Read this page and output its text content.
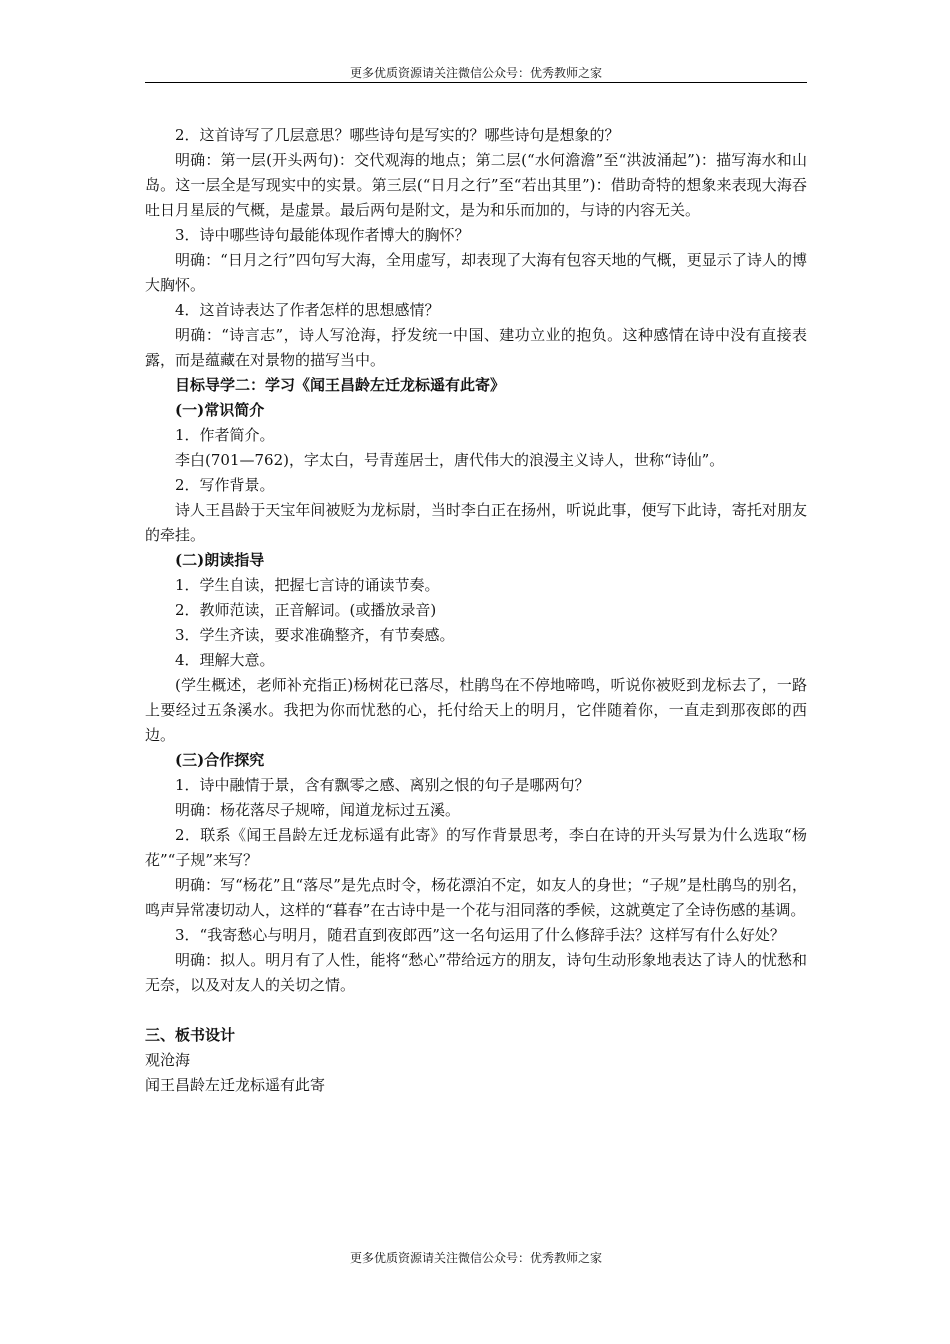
更多优质资源请关注微信公众号：优秀教师之家

2．这首诗写了几层意思？哪些诗句是写实的？哪些诗句是想象的？

明确：第一层(开头两句)：交代观海的地点；第二层(“水何澹澹”至“洪波涌起”)：描写海水和山岛。这一层全是写现实中的实景。第三层(“日月之行”至“若出其里”)：借助奇特的想象来表现大海吞吐日月星辰的气概，是虚景。最后两句是附文，是为和乐而加的，与诗的内容无关。

3．诗中哪些诗句最能体现作者博大的胸怀？

明确：“日月之行”四句写大海，全用虚写，却表现了大海有包容天地的气概，更显示了诗人的博大胸怀。

4．这首诗表达了作者怎样的思想感情？

明确：“诗言志”，诗人写沧海，抒发统一中国、建功立业的抱负。这种感情在诗中没有直接表露，而是蕴藏在对景物的描写当中。

目标导学二：学习《闻王昌龄左迁龙标遥有此寄》

(一)常识简介

1．作者简介。

李白(701—762)，字太白，号青莲居士，唐代伟大的浪漫主义诗人，世称“诗仙”。

2．写作背景。

诗人王昌龄于天宝年间被贬为龙标尉，当时李白正在扬州，听说此事，便写下此诗，寄托对朋友的牵挂。

(二)朗读指导

1．学生自读，把握七言诗的诵读节奏。

2．教师范读，正音解词。(或播放录音)

3．学生齐读，要求准确整齐，有节奏感。

4．理解大意。

(学生概述，老师补充指正)杨树花已落尽，杜鹃鸟在不停地啼鸣，听说你被贬到龙标去了，一路上要经过五条溪水。我把为你而忧愁的心，托付给天上的明月，它伴随着你，一直走到那夜郎的西边。

(三)合作探究

1．诗中融情于景，含有飘零之感、离别之恨的句子是哪两句？

明确：杨花落尽子规啼，闻道龙标过五溪。

2．联系《闻王昌龄左迁龙标遥有此寄》的写作背景思考，李白在诗的开头写景为什么选取“杨花”“子规”来写？

明确：写“杨花”且“落尽”是先点时令，杨花漂泊不定，如友人的身世；“子规”是杜鹃鸟的别名，鸣声异常凄切动人，这样的“暮春”在古诗中是一个花与泪同落的季候，这就奠定了全诗伤感的基调。

3．“我寄愁心与明月，随君直到夜郎西”这一名句运用了什么修辞手法？这样写有什么好处？

明确：拟人。明月有了人性，能将“愁心”带给远方的朋友，诗句生动形象地表达了诗人的忧愁和无奈，以及对友人的关切之情。

三、板书设计

观沧海

闻王昌龄左迁龙标遥有此寄

更多优质资源请关注微信公众号：优秀教师之家
